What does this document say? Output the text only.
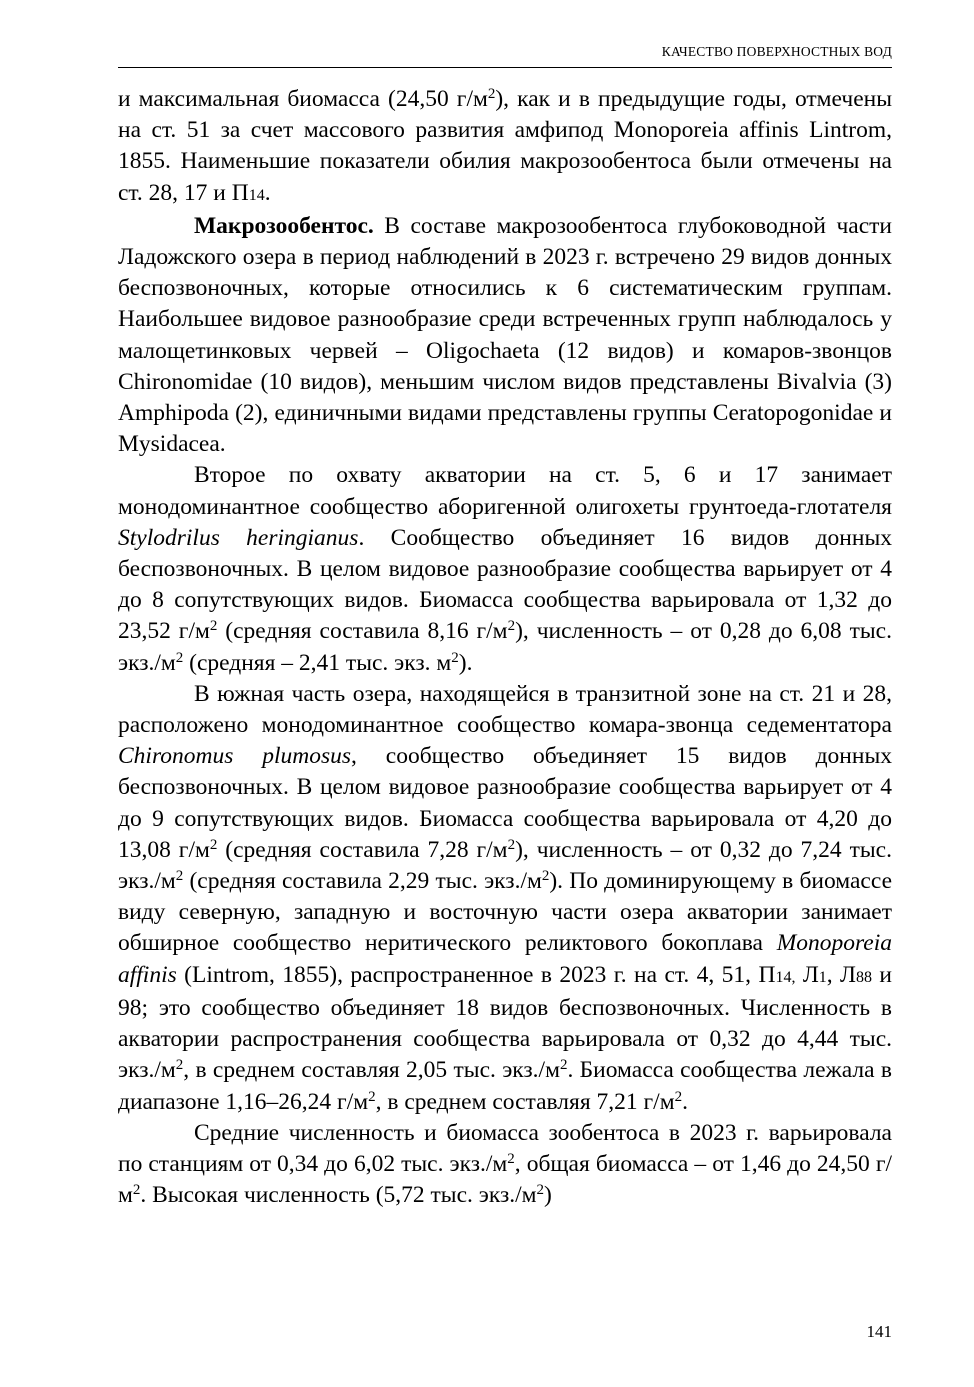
КАЧЕСТВО ПОВЕРХНОСТНЫХ ВОД

и максимальная биомасса (24,50 $г/м^2$), как и в предыдущие годы, отмечены на ст. 51 за счет массового развития амфипод Monoporeia affinis Lintrom, 1855. Наименьшие показатели обилия макрозообентоса были отмечены на ст. 28, 17 и П14.

Макрозообентос. В составе макрозообентоса глубоководной части Ладожского озера в период наблюдений в 2023 г. встречено 29 видов донных беспозвоночных, которые относились к 6 систематическим группам. Наибольшее видовое разнообразие среди встреченных групп наблюдалось у малощетинковых червей – Oligochaeta (12 видов) и комаров-звонцов Chironomidae (10 видов), меньшим числом видов представлены Bivalvia (3) Amphipoda (2), единичными видами представлены группы Ceratopogonidae и Mysidacea.

Второе по охвату акватории на ст. 5, 6 и 17 занимает монодоминантное сообщество аборигенной олигохеты грунтоеда-глотателя Stylodrilus heringianus. Сообщество объединяет 16 видов донных беспозвоночных. В целом видовое разнообразие сообщества варьирует от 4 до 8 сопутствующих видов. Биомасса сообщества варьировала от 1,32 до 23,52 $г/м^2$ (средняя составила 8,16 $г/м^2$), численность – от 0,28 до 6,08 тыс. $экз./м^2$ (средняя – 2,41 тыс. экз. $м^2$).

В южная часть озера, находящейся в транзитной зоне на ст. 21 и 28, расположено монодоминантное сообщество комара-звонца седементатора Chironomus plumosus, сообщество объединяет 15 видов донных беспозвоночных. В целом видовое разнообразие сообщества варьирует от 4 до 9 сопутствующих видов. Биомасса сообщества варьировала от 4,20 до 13,08 $г/м^2$ (средняя составила 7,28 $г/м^2$), численность – от 0,32 до 7,24 тыс. $экз./м^2$ (средняя составила 2,29 тыс. $экз./м^2$). По доминирующему в биомассе виду северную, западную и восточную части озера акватории занимает обширное сообщество неритического реликтового бокоплава Monoporeia affinis (Lintrom, 1855), распространенное в 2023 г. на ст. 4, 51, П14, Л1, Л88 и 98; это сообщество объединяет 18 видов беспозвоночных. Численность в акватории распространения сообщества варьировала от 0,32 до 4,44 тыс. $экз./м^2$, в среднем составляя 2,05 тыс. $экз./м^2$. Биомасса сообщества лежала в диапазоне 1,16–26,24 $г/м^2$, в среднем составляя 7,21 $г/м^2$.

Средние численность и биомасса зообентоса в 2023 г. варьировала по станциям от 0,34 до 6,02 тыс. $экз./м^2$, общая биомасса – от 1,46 до 24,50 $г/м^2$. Высокая численность (5,72 тыс. $экз./м^2$)

141
